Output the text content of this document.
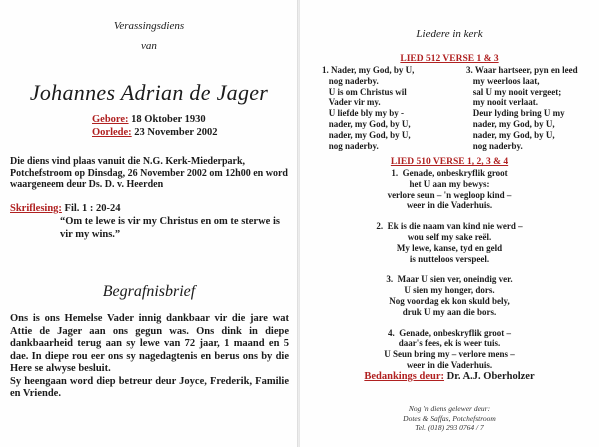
Verassingsdiens
van
Johannes Adrian de Jager
Gebore: 18 Oktober 1930
Oorlede: 23 November 2002
Die diens vind plaas vanuit die N.G. Kerk-Miederpark, Potchefstroom op Dinsdag, 26 November 2002 om 12h00 en word waargeneem deur Ds. D. v. Heerden
Skriflesing: Fil. 1 : 20-24
“Om te lewe is vir my Christus en om te sterwe is vir my wins.”
Begrafnisbrief

Ons is ons Hemelse Vader innig dankbaar vir die jare wat Attie de Jager aan ons gegun was. Ons dink in diepe dankbaarheid terug aan sy lewe van 72 jaar, 1 maand en 5 dae. In diepe rou eer ons sy nagedagtenis en berus ons by die Here se alwyse besluit.

Sy heengaan word diep betreur deur Joyce, Frederik, Familie en Vriende.

Liedere in kerk
LIED 512 VERSE 1 & 3
1. Nader, my God, by U,
nog naderby.
U is om Christus wil
Vader vir my.
U liefde bly my by -
nader, my God, by U,
nader, my God, by U,
nog naderby.
3. Waar hartseer, pyn en leed
my weerloos laat,
sal U my nooit vergeet;
my nooit verlaat.
Deur lyding bring U my
nader, my God, by U,
nader, my God, by U,
nog naderby.
LIED 510 VERSE 1, 2, 3 & 4
1.  Genade, onbeskryflik groot
het U aan my bewys:
verlore seun – 'n wegloop kind –
weer in die Vaderhuis.
2.  Ek is die naam van kind nie werd –
wou self my sake reël.
My lewe, kanse, tyd en geld
is nutteloos verspeel.
3.  Maar U sien ver, oneindig ver.
U sien my honger, dors.
Nog voordag ek kon skuld bely,
druk U my aan die bors.
4.  Genade, onbeskryflik groot –
daar's fees, ek is weer tuis.
U Seun bring my – verlore mens –
weer in die Vaderhuis.
Bedankings deur: Dr. A.J. Oberholzer
Nog 'n diens gelewer deur:
Dotes & Saffas, Potchefstroom
Tel. (018) 293 0764 / 7
